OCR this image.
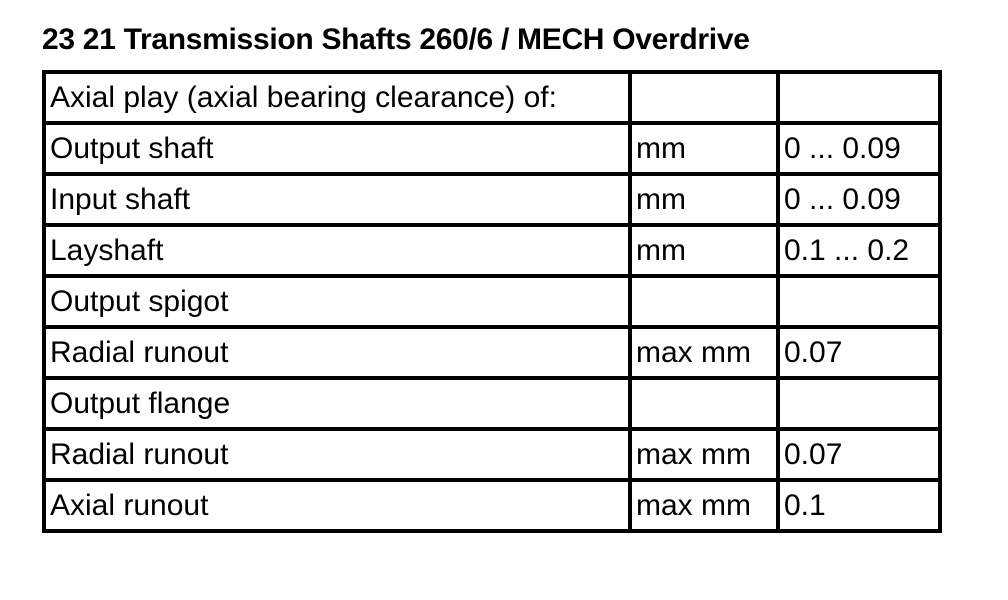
23 21 Transmission Shafts 260/6 / MECH Overdrive
Axial play (axial bearing clearance) of:		
Output shaft	mm	0 ... 0.09
Input shaft	mm	0 ... 0.09
Layshaft	mm	0.1 ... 0.2
Output spigot		
Radial runout	max mm	0.07
Output flange		
Radial runout	max mm	0.07
Axial runout	max mm	0.1
